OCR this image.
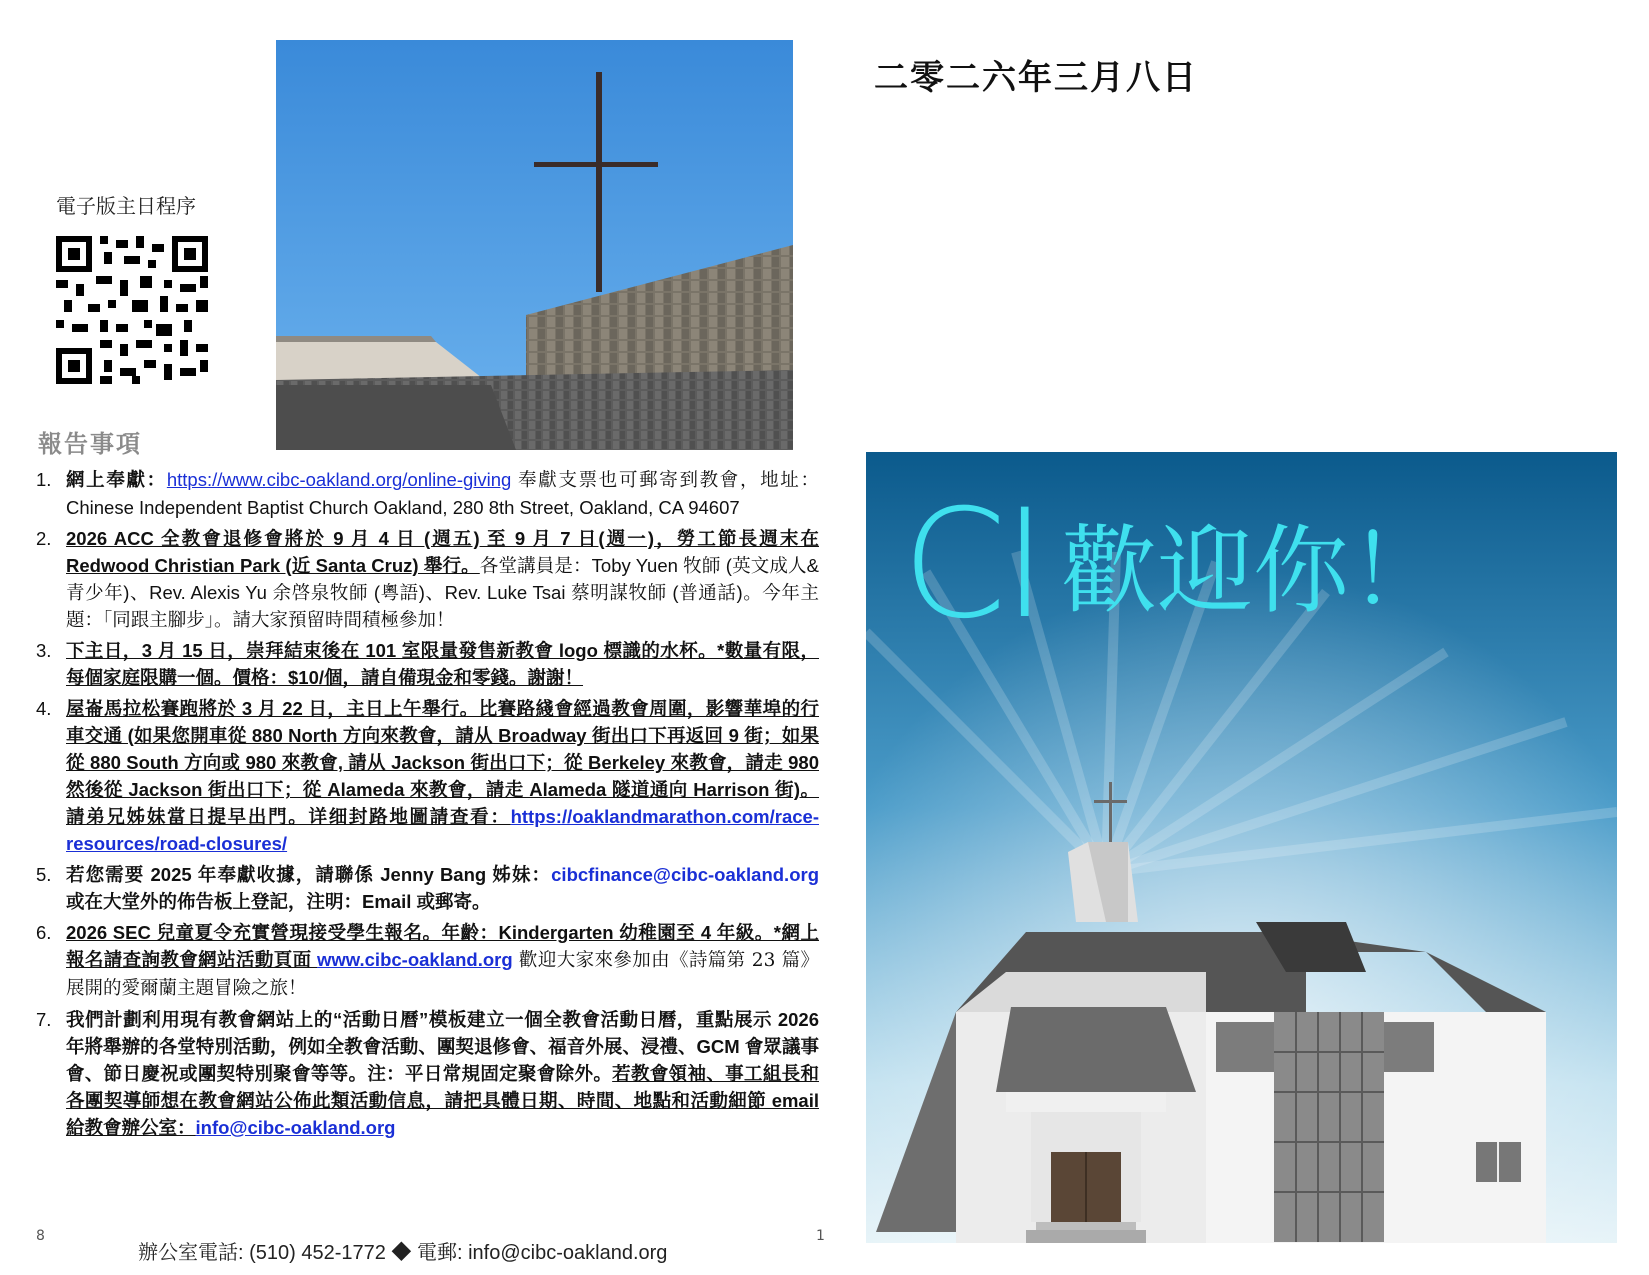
電子版主日程序
報告事項
1. 網上奉獻：https://www.cibc-oakland.org/online-giving 奉獻支票也可郵寄到教會，地址：Chinese Independent Baptist Church Oakland, 280 8th Street, Oakland, CA 94607
2. 2026 ACC 全教會退修會將於 9 月 4 日 (週五) 至 9 月 7 日(週一)，勞工節長週末在 Redwood Christian Park (近 Santa Cruz) 舉行。各堂講員是：Toby Yuen 牧師 (英文成人&青少年)、Rev. Alexis Yu 余啓泉牧師 (粵語)、Rev. Luke Tsai 蔡明謀牧師 (普通話)。今年主題：「同跟主腳步」。請大家預留時間積極參加！
3. 下主日，3 月 15 日，崇拜結束後在 101 室限量發售新教會 logo 標識的水杯。*數量有限，每個家庭限購一個。價格：$10/個，請自備現金和零錢。謝謝！
4. 屋崙馬拉松賽跑將於 3 月 22 日，主日上午舉行。比賽路綫會經過教會周圍，影響華埠的行車交通 (如果您開車從 880 North 方向來教會，請从 Broadway 街出口下再返回 9 街；如果從 880 South 方向或 980 來教會, 請从 Jackson 街出口下；從 Berkeley 來教會，請走 980 然後從 Jackson 街出口下；從 Alameda 來教會，請走 Alameda 隧道通向 Harrison 街)。請弟兄姊妹當日提早出門。详细封路地圖請查看：https://oaklandmarathon.com/race-resources/road-closures/
5. 若您需要 2025 年奉獻收據，請聯係 Jenny Bang 姊妹：cibcfinance@cibc-oakland.org 或在大堂外的佈告板上登記，注明：Email 或郵寄。
6. 2026 SEC 兒童夏令充實營現接受學生報名。年齡：Kindergarten 幼稚園至 4 年級。*網上報名請查詢教會網站活動頁面 www.cibc-oakland.org 歡迎大家來參加由《詩篇第 23 篇》展開的愛爾蘭主題冒險之旅！
7. 我們計劃利用現有教會網站上的“活動日曆”模板建立一個全教會活動日曆，重點展示 2026 年將舉辦的各堂特別活動，例如全教會活動、團契退修會、福音外展、浸禮、GCM 會眾議事會、節日慶祝或團契特別聚會等等。注：平日常規固定聚會除外。若教會領袖、事工組長和各團契導師想在教會網站公佈此類活動信息，請把具體日期、時間、地點和活動細節 email 給教會辦公室：info@cibc-oakland.org
8	1
辦公室電話: (510) 452-1772 ◆ 電郵: info@cibc-oakland.org
二零二六年三月八日
CI 歡迎你！
